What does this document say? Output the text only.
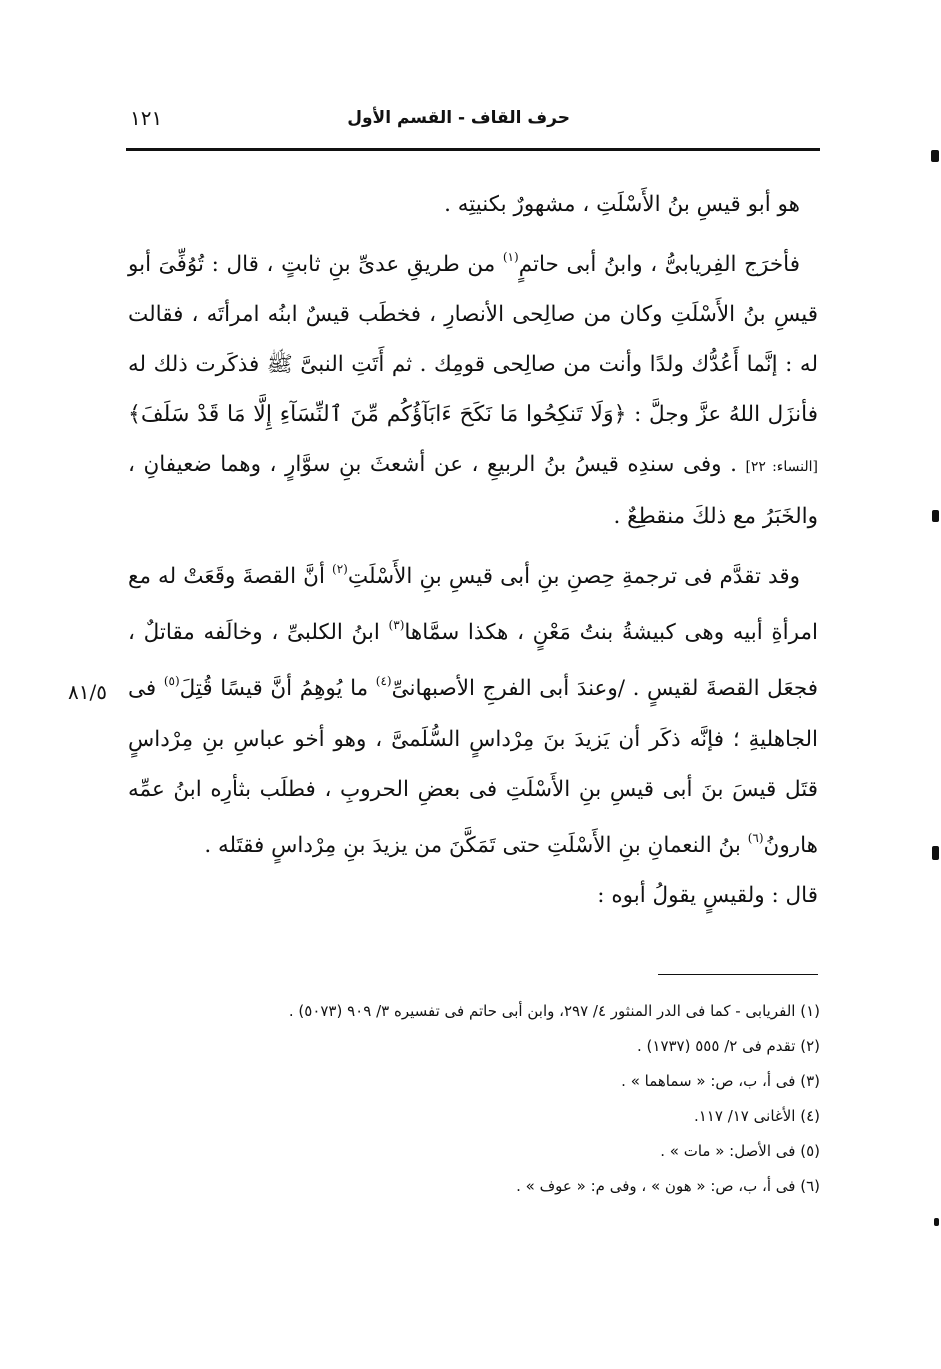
حرف القاف - القسم الأول
١٢١

هو أبو قيسِ بنُ الأَسْلَتِ ، مشهورٌ بكنيتِه .

فأخرَج الفِريابىُّ ، وابنُ أبى حاتمٍ$^{(١)}$ من طريقِ عدىِّ بنِ ثابتٍ ، قال : تُوُفِّىَ أبو قيسِ بنُ الأَسْلَتِ وكان من صالِحى الأنصارِ ، فخطَب قيسٌ ابنُه امرأتَه ، فقالت له : إنَّما أَعُدُّك ولدًا وأنت من صالِحى قومِك . ثم أَتَتِ النبىَّ ﷺ فذكَرت ذلك له فأنزَل اللهُ عزَّ وجلَّ : ﴿وَلَا تَنكِحُوا مَا نَكَحَ ءَابَآؤُكُم مِّنَ ٱلنِّسَآءِ إِلَّا مَا قَدْ سَلَفَ﴾ [النساء: ٢٢] . وفى سندِه قيسُ بنُ الربيعِ ، عن أشعثَ بنِ سوَّارٍ ، وهما ضعيفانِ ، والخَبَرُ مع ذلكَ منقطِعٌ .

وقد تقدَّم فى ترجمةِ حِصنِ بنِ أبى قيسِ بنِ الأَسْلَتِ$^{(٢)}$ أنَّ القصةَ وقَعَتْ له مع امرأةِ أبيه وهى كبيشةُ بنتُ مَعْنٍ ، هكذا سمَّاها$^{(٣)}$ ابنُ الكلبىِّ ، وخالَفه مقاتلٌ ، فجعَل القصةَ لقيسٍ . /وعندَ أبى الفرجِ الأصبهانىِّ$^{(٤)}$ ما يُوهِمُ أنَّ قيسًا قُتِلَ$^{(٥)}$ فى الجاهليةِ ؛ فإنَّه ذكَر أن يَزيدَ بنَ مِرْداسٍ السُّلَمىَّ ، وهو أخو عباسِ بنِ مِرْداسٍ قتَل قيسَ بنَ أبى قيسِ بنِ الأَسْلَتِ فى بعضِ الحروبِ ، فطلَب بثأرِه ابنُ عمِّه هارونُ$^{(٦)}$ بنُ النعمانِ بنِ الأَسْلَتِ حتى تَمَكَّنَ من يزيدَ بنِ مِرْداسٍ فقتَله .

قال : ولقيسٍ يقولُ أبوه :

٨١/٥
(١) الفريابى - كما فى الدر المنثور ٤/ ٢٩٧، وابن أبى حاتم فى تفسيره ٣/ ٩٠٩ (٥٠٧٣) .
(٢) تقدم فى ٢/ ٥٥٥ (١٧٣٧) .
(٣) فى أ، ب، ص: « سماهما » .
(٤) الأغانى ١٧/ ١١٧.
(٥) فى الأصل: « مات » .
(٦) فى أ، ب، ص: « هون » ، وفى م: « عوف » .
